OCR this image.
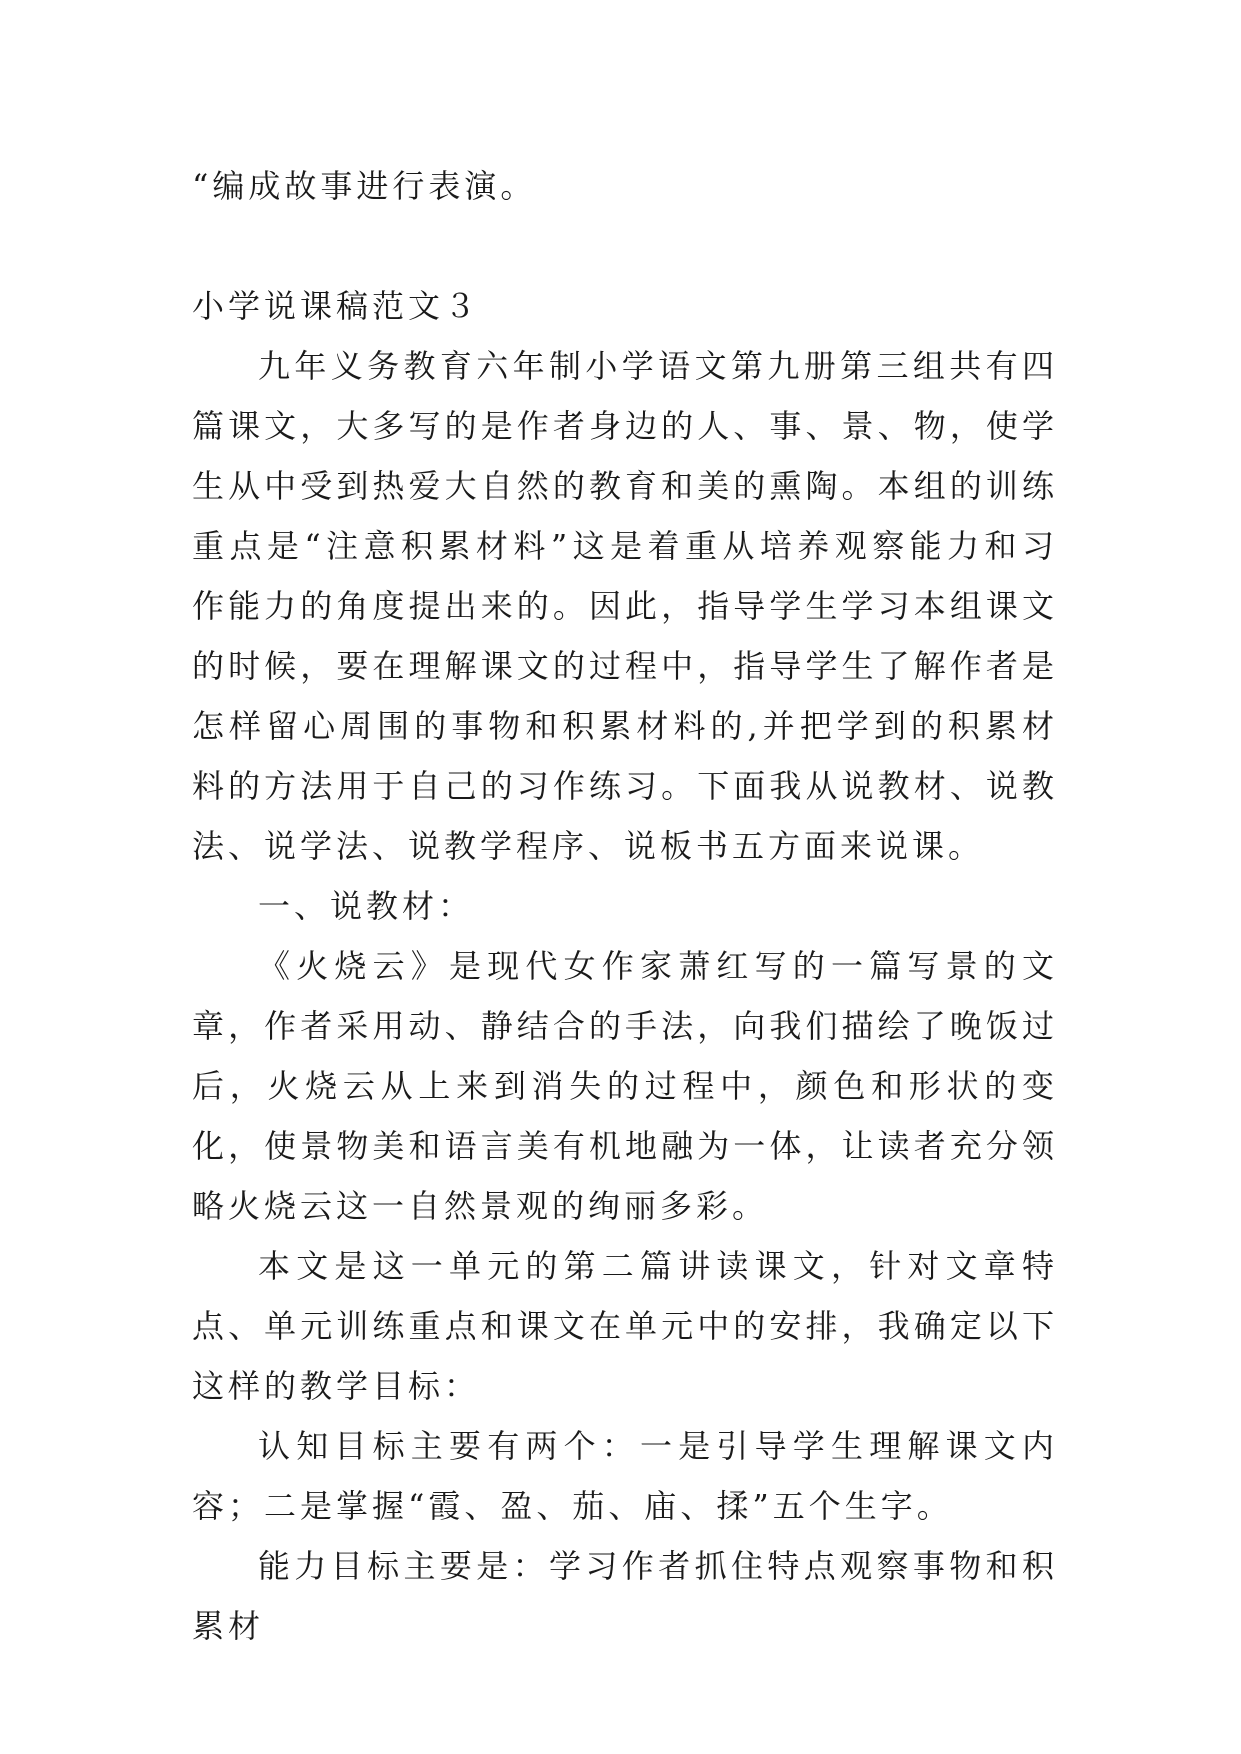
“编成故事进行表演。

小学说课稿范文３

九年义务教育六年制小学语文第九册第三组共有四篇课文，大多写的是作者身边的人、事、景、物，使学生从中受到热爱大自然的教育和美的熏陶。本组的训练重点是“注意积累材料”这是着重从培养观察能力和习作能力的角度提出来的。因此，指导学生学习本组课文的时候，要在理解课文的过程中，指导学生了解作者是怎样留心周围的事物和积累材料的,并把学到的积累材料的方法用于自己的习作练习。下面我从说教材、说教法、说学法、说教学程序、说板书五方面来说课。

一、说教材：

《火烧云》是现代女作家萧红写的一篇写景的文章，作者采用动、静结合的手法，向我们描绘了晚饭过后，火烧云从上来到消失的过程中，颜色和形状的变化，使景物美和语言美有机地融为一体，让读者充分领略火烧云这一自然景观的绚丽多彩。

本文是这一单元的第二篇讲读课文，针对文章特点、单元训练重点和课文在单元中的安排，我确定以下这样的教学目标：

认知目标主要有两个：一是引导学生理解课文内容；二是掌握“霞、盈、茄、庙、揉”五个生字。

能力目标主要是：学习作者抓住特点观察事物和积累材
